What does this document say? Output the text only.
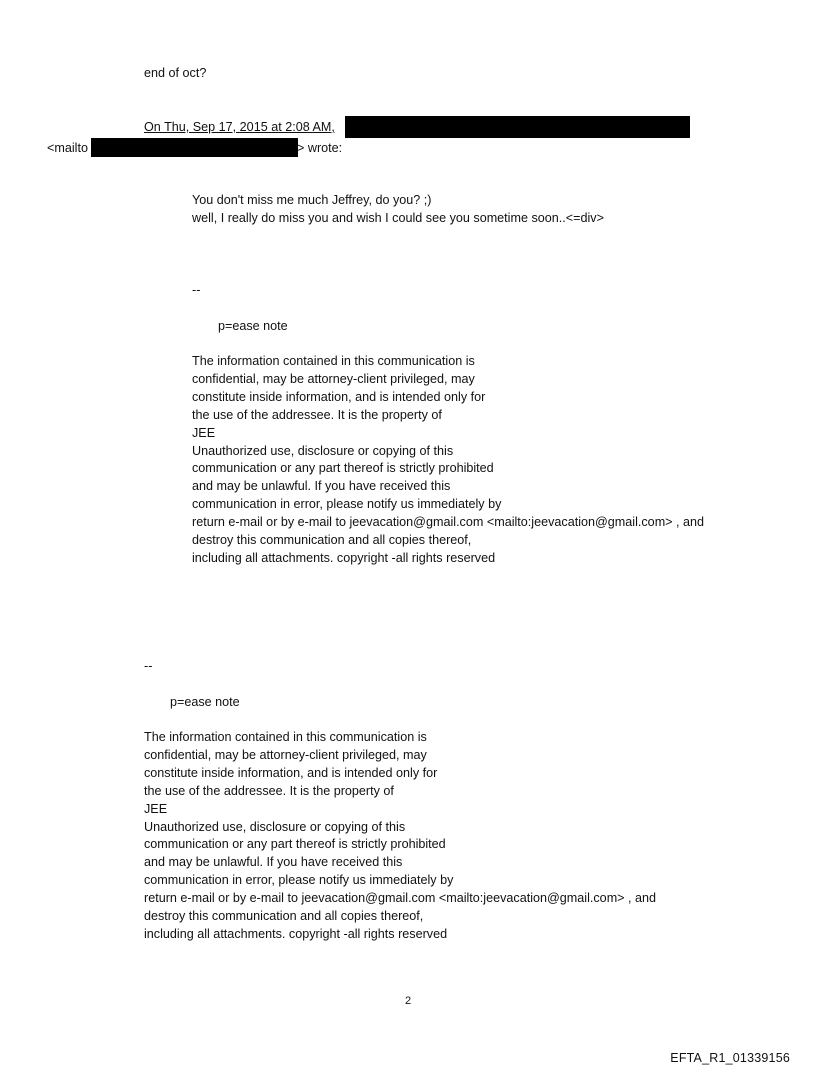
end of oct?
On Thu, Sep 17, 2015 at 2:08 AM,
<mailto	> wrote:
You don't miss me much Jeffrey, do you? ;)
well, I really do miss you and wish I could see you sometime soon..<=div>
--
p=ease note
The information contained in this communication is
confidential, may be attorney-client privileged, may
constitute inside information, and is intended only for
the use of the addressee. It is the property of
JEE
Unauthorized use, disclosure or copying of this
communication or any part thereof is strictly prohibited
and may be unlawful. If you have received this
communication in error, please notify us immediately by
return e-mail or by e-mail to jeevacation@gmail.com <mailto:jeevacation@gmail.com> , and
destroy this communication and all copies thereof,
including all attachments. copyright -all rights reserved
--
p=ease note
The information contained in this communication is
confidential, may be attorney-client privileged, may
constitute inside information, and is intended only for
the use of the addressee. It is the property of
JEE
Unauthorized use, disclosure or copying of this
communication or any part thereof is strictly prohibited
and may be unlawful. If you have received this
communication in error, please notify us immediately by
return e-mail or by e-mail to jeevacation@gmail.com <mailto:jeevacation@gmail.com> , and
destroy this communication and all copies thereof,
including all attachments. copyright -all rights reserved
2
EFTA_R1_01339156
